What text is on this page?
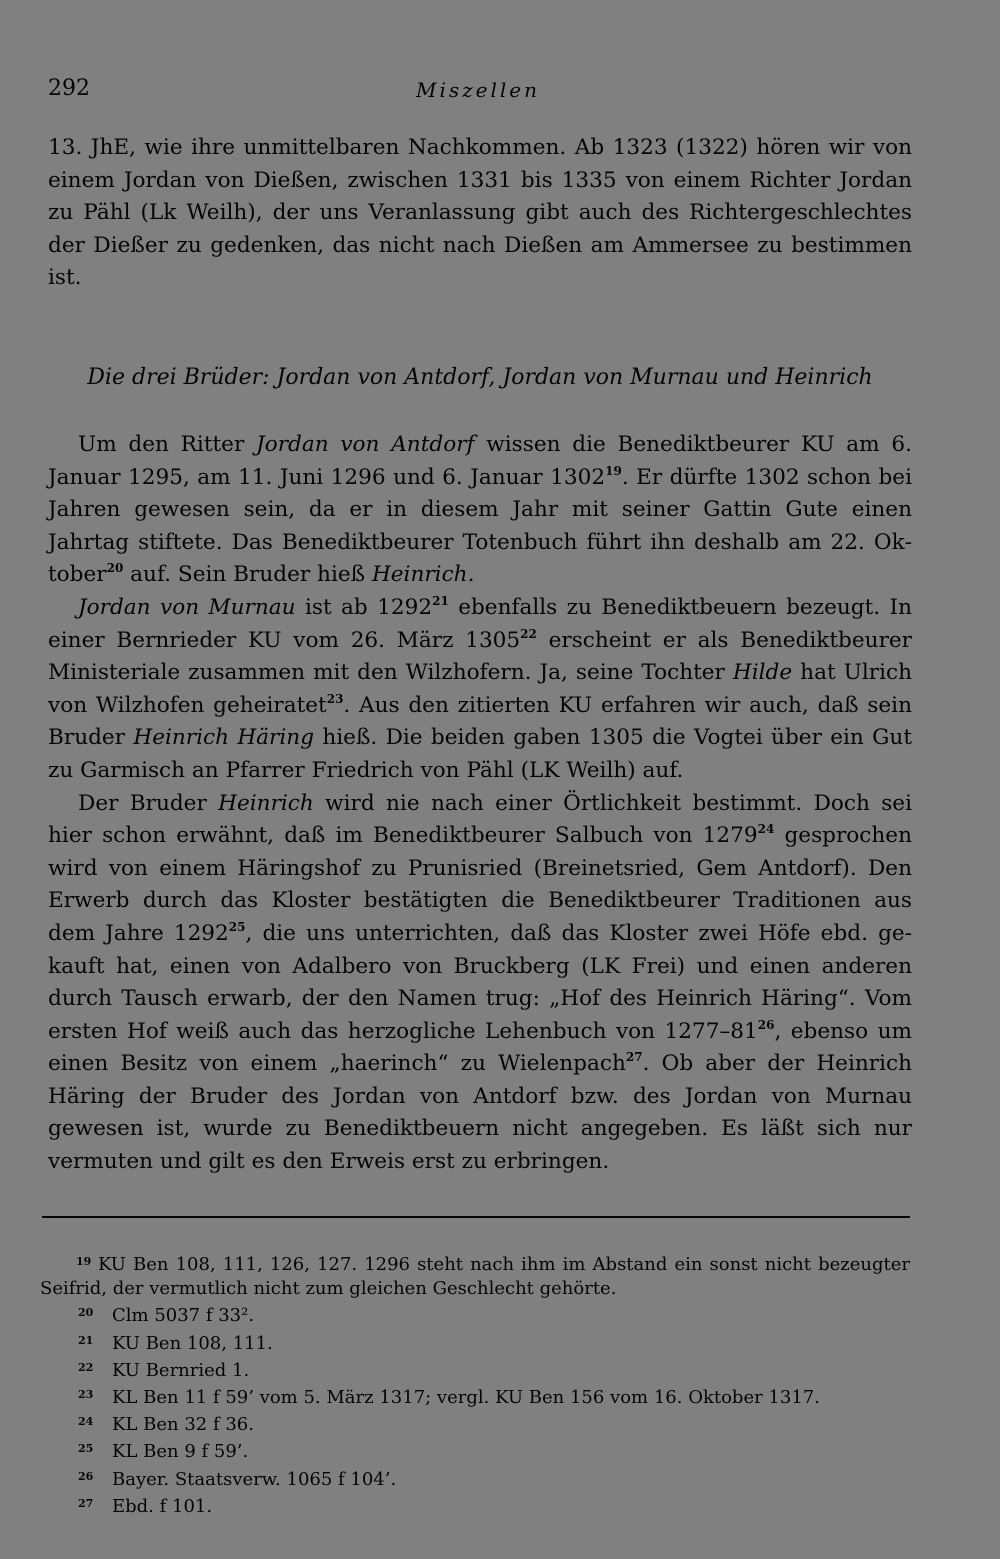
292	Miszellen

13. JhE, wie ihre unmittelbaren Nachkommen. Ab 1323 (1322) hören wir von einem Jordan von Dießen, zwischen 1331 bis 1335 von einem Richter Jordan zu Pähl (Lk Weilh), der uns Veranlassung gibt auch des Richtergeschlechtes der Dießer zu gedenken, das nicht nach Dießen am Ammersee zu bestimmen ist.

Die drei Brüder: Jordan von Antdorf, Jordan von Murnau und Heinrich

Um den Ritter Jordan von Antdorf wissen die Benediktbeurer KU am 6. Januar 1295, am 11. Juni 1296 und 6. Januar 1302$^{19}$. Er dürfte 1302 schon bei Jahren gewesen sein, da er in diesem Jahr mit seiner Gattin Gute einen Jahrtag stiftete. Das Benediktbeurer Totenbuch führt ihn deshalb am 22. Oktober$^{20}$ auf. Sein Bruder hieß Heinrich.

Jordan von Murnau ist ab 1292$^{21}$ ebenfalls zu Benediktbeuern bezeugt. In einer Bernrieder KU vom 26. März 1305$^{22}$ erscheint er als Benediktbeurer Ministeriale zusammen mit den Wilzhofern. Ja, seine Tochter Hilde hat Ulrich von Wilzhofen geheiratet$^{23}$. Aus den zitierten KU erfahren wir auch, daß sein Bruder Heinrich Häring hieß. Die beiden gaben 1305 die Vogtei über ein Gut zu Garmisch an Pfarrer Friedrich von Pähl (LK Weilh) auf.

Der Bruder Heinrich wird nie nach einer Örtlichkeit bestimmt. Doch sei hier schon erwähnt, daß im Benediktbeurer Salbuch von 1279$^{24}$ gesprochen wird von einem Häringshof zu Prunisried (Breinetsried, Gem Antdorf). Den Erwerb durch das Kloster bestätigten die Benediktbeurer Traditionen aus dem Jahre 1292$^{25}$, die uns unterrichten, daß das Kloster zwei Höfe ebd. gekauft hat, einen von Adalbero von Bruckberg (LK Frei) und einen anderen durch Tausch erwarb, der den Namen trug: „Hof des Heinrich Häring“. Vom ersten Hof weiß auch das herzogliche Lehenbuch von $1277-81^{26}$, ebenso um einen Besitz von einem „haerinch“ zu Wielenpach$^{27}$. Ob aber der Heinrich Häring der Bruder des Jordan von Antdorf bzw. des Jordan von Murnau gewesen ist, wurde zu Benediktbeuern nicht angegeben. Es läßt sich nur vermuten und gilt es den Erweis erst zu erbringen.

19 KU Ben 108, 111, 126, 127. 1296 steht nach ihm im Abstand ein sonst nicht bezeugter Seifrid, der vermutlich nicht zum gleichen Geschlecht gehörte.

20 Clm 5037 f 33².

21 KU Ben 108, 111.

22 KU Bernried 1.

23 KL Ben 11 f 59’ vom 5. März 1317; vergl. KU Ben 156 vom 16. Oktober 1317.

24 KL Ben 32 f 36.

25 KL Ben 9 f 59’.

26 Bayer. Staatsverw. 1065 f 104’.

27 Ebd. f 101.
